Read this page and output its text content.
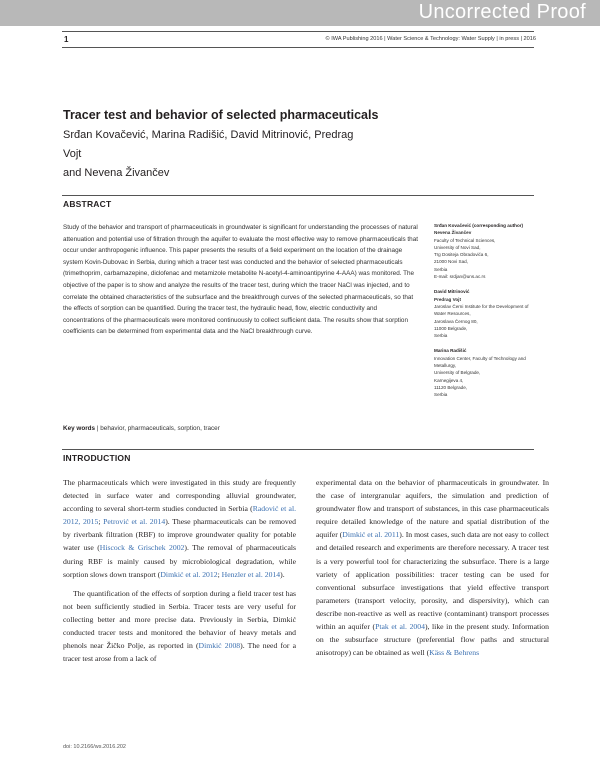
Uncorrected Proof
1	© IWA Publishing 2016 | Water Science & Technology: Water Supply | in press | 2016
Tracer test and behavior of selected pharmaceuticals
Srđan Kovačević, Marina Radišić, David Mitrinović, Predrag Vojt
and Nevena Živančev
ABSTRACT

Study of the behavior and transport of pharmaceuticals in groundwater is significant for understanding the processes of natural attenuation and potential use of filtration through the aquifer to evaluate the most effective way to remove pharmaceuticals that occur under anthropogenic influence. This paper presents the results of a field experiment on the location of the drainage system Kovin-Dubovac in Serbia, during which a tracer test was conducted and the behavior of selected pharmaceuticals (trimethoprim, carbamazepine, diclofenac and metamizole metabolite N-acetyl-4-aminoantipyrine 4-AAA) was monitored. The objective of the paper is to show and analyze the results of the tracer test, during which the tracer NaCl was injected, and to correlate the obtained characteristics of the subsurface and the breakthrough curves of the selected pharmaceuticals, so that the effects of sorption can be quantified. During the tracer test, the hydraulic head, flow, electric conductivity and concentrations of the pharmaceuticals were monitored continuously to collect sufficient data. The results show that sorption coefficients can be determined from experimental data and the NaCl breakthrough curve.

Key words | behavior, pharmaceuticals, sorption, tracer
Srđan Kovačević (corresponding author)
Nevena Živančev
Faculty of Technical Sciences,
University of Novi Sad,
Trg Dositeja Obradovića 6,
21000 Novi Sad,
Serbia
E-mail: srdjan@uns.ac.rs
David Mitrinović
Predrag Vojt
Jaroslav Černi Institute for the Development of
Water Resources,
Jaroslava Černog 80,
11000 Belgrade,
Serbia
Marina Radišić
Innovation Center, Faculty of Technology and
Metallurgy,
University of Belgrade,
Karnegijeva 4,
11120 Belgrade,
Serbia
INTRODUCTION

The pharmaceuticals which were investigated in this study are frequently detected in surface water and corresponding alluvial groundwater, according to several short-term studies conducted in Serbia (Radović et al. 2012, 2015; Petrović et al. 2014). These pharmaceuticals can be removed by riverbank filtration (RBF) to improve groundwater quality for potable water use (Hiscock & Grischek 2002). The removal of pharmaceuticals during RBF is mainly caused by microbiological degradation, while sorption slows down transport (Dimkić et al. 2012; Henzler et al. 2014).

The quantification of the effects of sorption during a field tracer test has not been sufficiently studied in Serbia. Tracer tests are very useful for collecting better and more precise data. Previously in Serbia, Dimkić conducted tracer tests and monitored the behavior of heavy metals and phenols near Žičko Polje, as reported in (Dimkić 2008). The need for a tracer test arose from a lack of

experimental data on the behavior of pharmaceuticals in groundwater. In the case of intergranular aquifers, the simulation and prediction of groundwater flow and transport of substances, in this case pharmaceuticals require detailed knowledge of the nature and spatial distribution of the aquifer (Dimkić et al. 2011). In most cases, such data are not easy to collect and detailed research and experiments are therefore necessary. A tracer test is a very powerful tool for characterizing the subsurface. There is a large variety of application possibilities: tracer testing can be used for conventional subsurface investigations that yield effective transport parameters (transport velocity, porosity, and dispersivity), which can describe non-reactive as well as reactive (contaminant) transport processes within an aquifer (Ptak et al. 2004), like in the present study. Information on the subsurface structure (preferential flow paths and structural anisotropy) can be obtained as well (Käss & Behrens

doi: 10.2166/ws.2016.202
